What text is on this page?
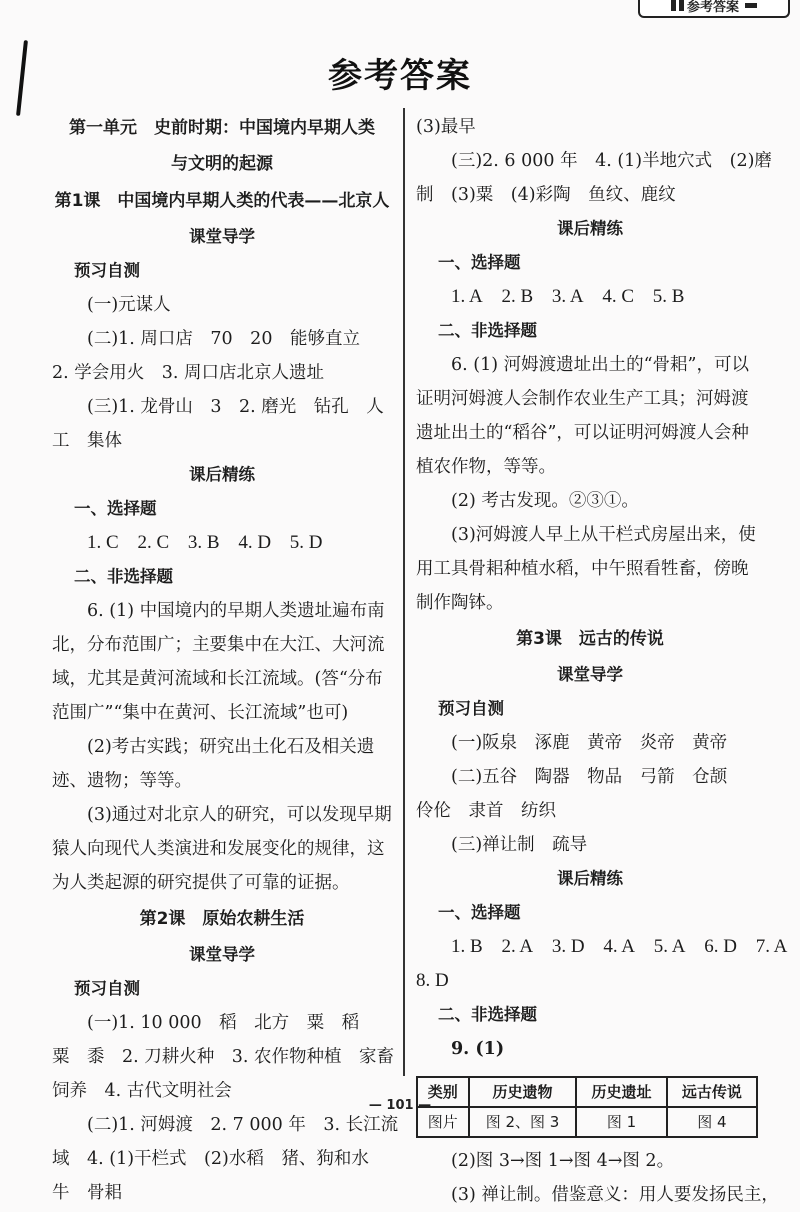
参考答案
参考答案
第一单元　史前时期：中国境内早期人类
与文明的起源
第1课　中国境内早期人类的代表——北京人
课堂导学
预习自测
(一)元谋人
(二)1. 周口店　70　20　能够直立
2. 学会用火　3. 周口店北京人遗址
(三)1. 龙骨山　3　2. 磨光　钻孔　人
工　集体
课后精练
一、选择题
1. C 2. C 3. B 4. D 5. D
二、非选择题
6. (1) 中国境内的早期人类遗址遍布南
北，分布范围广；主要集中在大江、大河流
域，尤其是黄河流域和长江流域。(答“分布
范围广”“集中在黄河、长江流域”也可)
(2)考古实践；研究出土化石及相关遗
迹、遗物；等等。
(3)通过对北京人的研究，可以发现早期
猿人向现代人类演进和发展变化的规律，这
为人类起源的研究提供了可靠的证据。
第2课　原始农耕生活
课堂导学
预习自测
(一)1. 10 000　稻　北方　粟　稻
粟　黍　2. 刀耕火种　3. 农作物种植　家畜
饲养　4. 古代文明社会
(二)1. 河姆渡　2. 7 000 年　3. 长江流
域　4. (1)干栏式　(2)水稻　猪、狗和水
牛　骨耜
(3)最早
(三)2. 6 000 年　4. (1)半地穴式　(2)磨
制　(3)粟　(4)彩陶　鱼纹、鹿纹
课后精练
一、选择题
1. A 2. B 3. A 4. C 5. B
二、非选择题
6. (1) 河姆渡遗址出土的“骨耜”，可以
证明河姆渡人会制作农业生产工具；河姆渡
遗址出土的“稻谷”，可以证明河姆渡人会种
植农作物，等等。
(2) 考古发现。②③①。
(3)河姆渡人早上从干栏式房屋出来，使
用工具骨耜种植水稻，中午照看牲畜，傍晚
制作陶钵。
第3课　远古的传说
课堂导学
预习自测
(一)阪泉　涿鹿　黄帝　炎帝　黄帝
(二)五谷　陶器　物品　弓箭　仓颉
伶伦　隶首　纺织
(三)禅让制　疏导
课后精练
一、选择题
1. B 2. A 3. D 4. A 5. A 6. D 7. A
8. D
二、非选择题
9. (1)
类别	历史遗物	历史遗址	远古传说
图片	图 2、图 3	图 1	图 4
(2)图 3→图 1→图 4→图 2。
(3) 禅让制。借鉴意义：用人要发扬民主，
— 101 —
